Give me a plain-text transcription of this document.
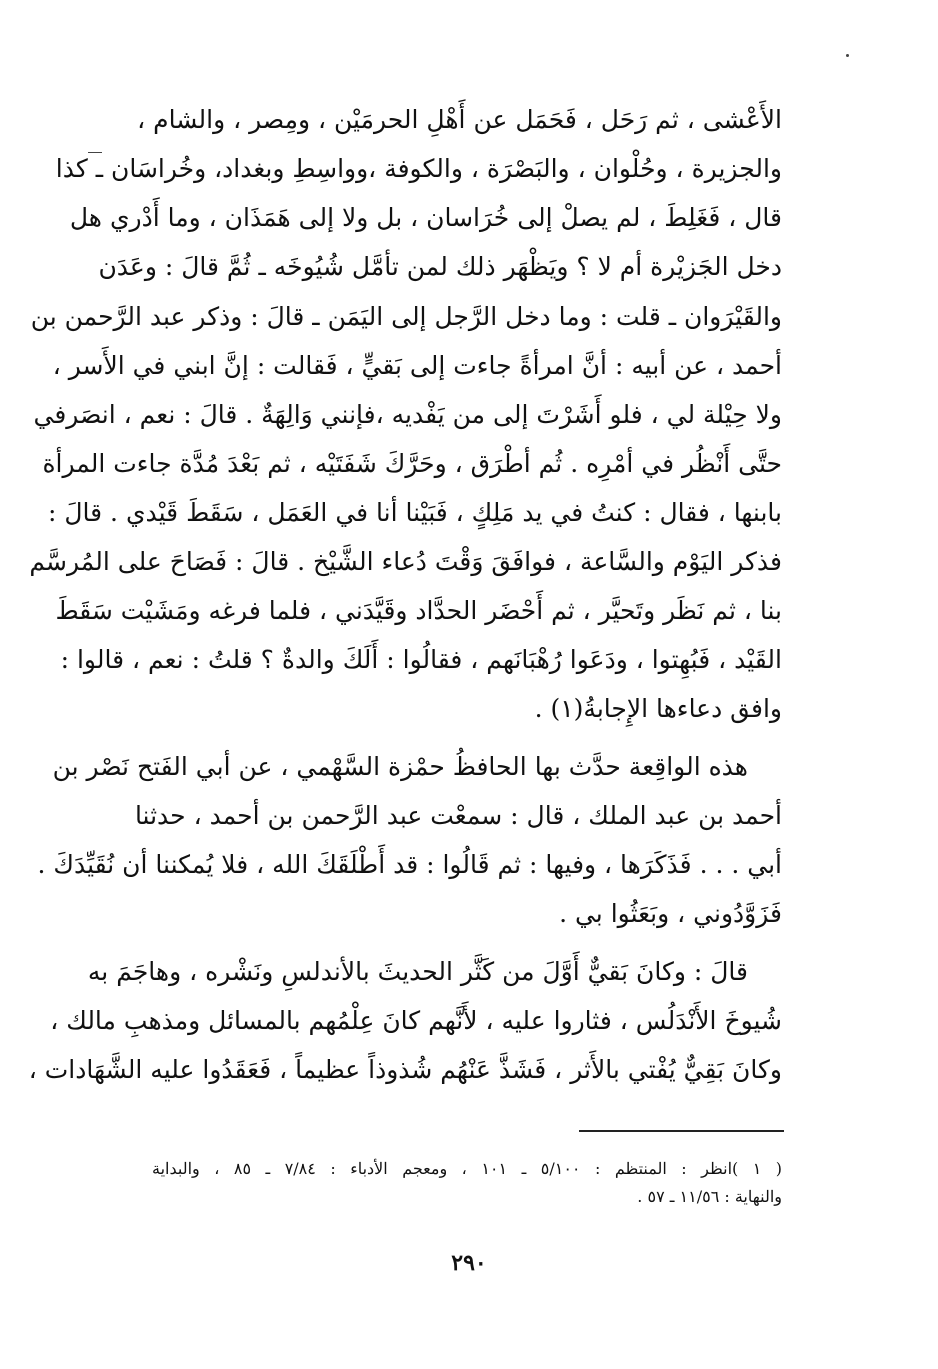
الأَعْشى ، ثم رَحَل ، فَحَمَل عن أَهْلِ الحرمَيْن ، ومِصر ، والشام ،
والجزيرة ، وحُلْوان ، والبَصْرَة ، والكوفة ،وواسِطِ وبغداد، وخُراسَان ـ كذا
قال ، فَغَلِطَ ، لم يصلْ إلى خُرَاسان ، بل ولا إلى هَمَذَان ، وما أَدْري هل
دخل الجَزيْرة أم لا ؟ ويَظْهَر ذلك لمن تأمَّل شُيُوخَه ـ ثُمَّ قالَ : وعَدَن
والقَيْرَوان ـ قلت : وما دخل الرَّجل إلى اليَمَن ـ قالَ : وذكر عبد الرَّحمن بن
أحمد ، عن أبيه : أنَّ امرأةً جاءت إلى بَقيٍّ ، فَقالت : إنَّ ابني في الأَسر ،
ولا حِيْلة لي ، فلو أَشَرْتَ إلى من يَفْديه ،فإنني وَالِهَةٌ . قالَ : نعم ، انصَرفي
حتَّى أَنْظُر في أمْرِه . ثُم أطْرَق ، وحَرَّكَ شَفَتَيْه ، ثم بَعْدَ مُدَّة جاءت المرأة
بابنها ، فقال : كنتُ في يد مَلِكٍ ، فَبَيْنا أنا في العَمَل ، سَقَطَ قَيْدي . قالَ :
فذكر اليَوْم والسَّاعة ، فوافَقَ وَقْتَ دُعاء الشَّيْخ . قالَ : فَصَاحَ على المُرسَّم
بنا ، ثم نَظَر وتَحيَّر ، ثم أَحْضَر الحدَّاد وقَيَّدَني ، فلما فرغه ومَشَيْت سَقَطَ
القَيْد ، فَبُهِتوا ، ودَعَوا رُهْبَانَهم ، فقالُوا : أَلَكَ والدةٌ ؟ قلتُ : نعم ، قالوا :
وافق دعاءها الإِجابةُ(١) .
هذه الواقِعة حدَّث بها الحافظُ حمْزة السَّهْمي ، عن أبي الفَتح نَصْر بن
أحمد بن عبد الملك ، قال : سمعْت عبد الرَّحمن بن أحمد ، حدثنا
أبي . . . فَذَكَرَها ، وفيها : ثم قَالُوا : قد أَطْلَقَكَ الله ، فلا يُمكننا أن نُقَيِّدَكَ .
فَزَوَّدُوني ، وبَعَثُوا بي .
قالَ : وكانَ بَقيٌّ أَوَّلَ من كَثَّر الحديثَ بالأندلسِ ونَشْره ، وهاجَمَ به
شُيوخَ الأَنْدَلُس ، فثاروا عليه ، لأَنَّهم كانَ عِلْمُهم بالمسائل ومذهبِ مالك ،
وكانَ بَقِيٌّ يُفْتي بالأَثر ، فَشَذَّ عَنْهُم شُذوذاً عظيماً ، فَعَقَدُوا عليه الشَّهَادات ،
( ١ )انظر : المنتظم : ٥/١٠٠ ـ ١٠١ ، ومعجم الأدباء : ٧/٨٤ ـ ٨٥ ، والبداية
والنهاية : ١١/٥٦ ـ ٥٧ .
٢٩٠
